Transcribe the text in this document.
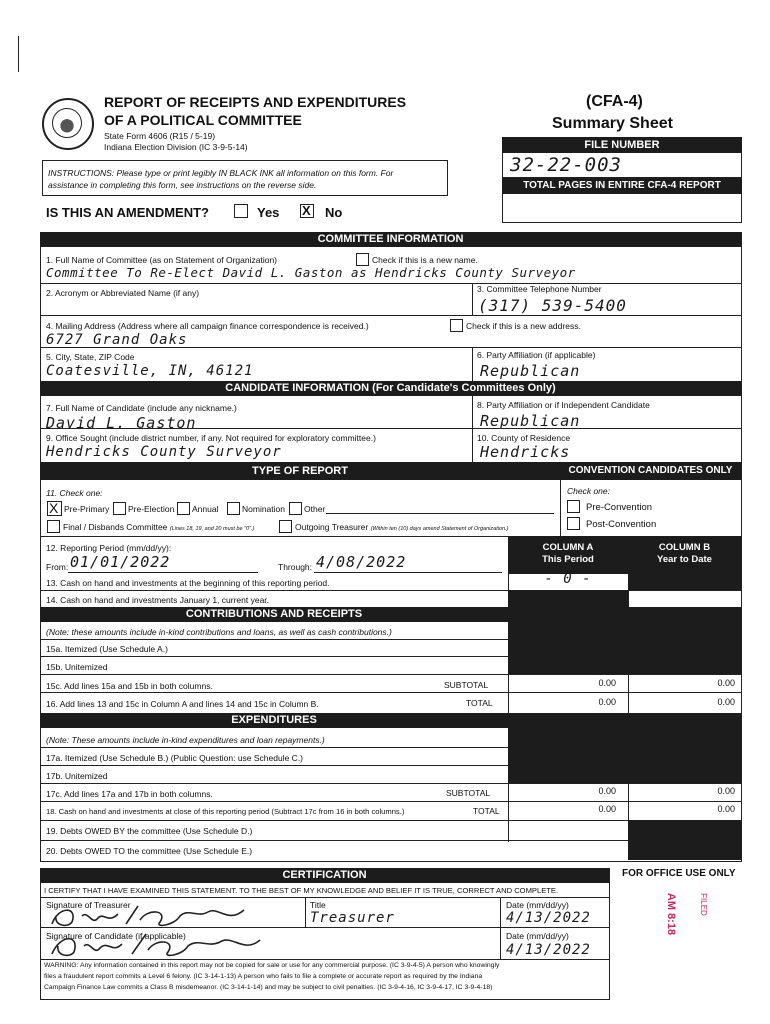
REPORT OF RECEIPTS AND EXPENDITURES
OF A POLITICAL COMMITTEE
State Form 4606 (R15 / 5-19)
Indiana Election Division (IC 3-9-5-14)
(CFA-4)
Summary Sheet
FILE NUMBER
32-22-003
TOTAL PAGES IN ENTIRE CFA-4 REPORT
INSTRUCTIONS: Please type or print legibly IN BLACK INK all information on this form. For
assistance in completing this form, see instructions on the reverse side.
IS THIS AN AMENDMENT?	Yes X No
COMMITTEE INFORMATION
1. Full Name of Committee (as on Statement of Organization)	Check if this is a new name.
Committee To Re-Elect David L. Gaston as Hendricks County Surveyor
2. Acronym or Abbreviated Name (if any)	3. Committee Telephone Number
(317) 539-5400
4. Mailing Address (Address where all campaign finance correspondence is received.)	Check if this is a new address.
6727 Grand Oaks
5. City, State, ZIP Code	6. Party Affiliation (if applicable)
Coatesville, IN, 46121	Republican
CANDIDATE INFORMATION (For Candidate's Committees Only)
7. Full Name of Candidate (include any nickname.)	8. Party Affiliation or if Independent Candidate
David L. Gaston	Republican
9. Office Sought (include district number, if any. Not required for exploratory committee.)	10. County of Residence
Hendricks County Surveyor	Hendricks
TYPE OF REPORT	CONVENTION CANDIDATES ONLY
11. Check one:
X Pre-Primary Pre-Election Annual	Nomination Other
Final / Disbands Committee (Lines 18, 19, and 20 must be "0".)	Outgoing Treasurer (Within ten (10) days amend Statement of Organization.)
Check one:
Pre-Convention
Post-Convention
12. Reporting Period (mm/dd/yy):
From: 01/01/2022	Through: 4/08/2022
COLUMN A
This Period
COLUMN B
Year to Date
13. Cash on hand and investments at the beginning of this reporting period.	- 0 -
14. Cash on hand and investments January 1, current year.
CONTRIBUTIONS AND RECEIPTS
(Note: these amounts include in-kind contributions and loans, as well as cash contributions.)
15a. Itemized (Use Schedule A.)
15b. Unitemized
15c. Add lines 15a and 15b in both columns.	SUBTOTAL	0.00	0.00
16. Add lines 13 and 15c in Column A and lines 14 and 15c in Column B.	TOTAL	0.00	0.00
EXPENDITURES
(Note: These amounts include in-kind expenditures and loan repayments.)
17a. Itemized (Use Schedule B.) (Public Question: use Schedule C.)
17b. Unitemized
17c. Add lines 17a and 17b in both columns.	SUBTOTAL	0.00	0.00
18. Cash on hand and investments at close of this reporting period (Subtract 17c from 16 in both columns.)	TOTAL	0.00	0.00
19. Debts OWED BY the committee (Use Schedule D.)
20. Debts OWED TO the committee (Use Schedule E.)
CERTIFICATION
I CERTIFY THAT I HAVE EXAMINED THIS STATEMENT. TO THE BEST OF MY KNOWLEDGE AND BELIEF IT IS TRUE, CORRECT AND COMPLETE.
Signature of Treasurer	Title
Treasurer
Date (mm/dd/yy)
4/13/2022
Signature of Candidate (if applicable)	Date (mm/dd/yy)
4/13/2022
WARNING: Any information contained in this report may not be copied for sale or use for any commercial purpose. (IC 3-9-4-5) A person who knowingly
files a fraudulent report commits a Level 6 felony. (IC 3-14-1-13) A person who fails to file a complete or accurate report as required by the Indiana
Campaign Finance Law commits a Class B misdemeanor. (IC 3-14-1-14) and may be subject to civil penalties. (IC 3-9-4-16, IC 3-9-4-17, IC 3-9-4-18)
FOR OFFICE USE ONLY
AM 8:18	FILED
